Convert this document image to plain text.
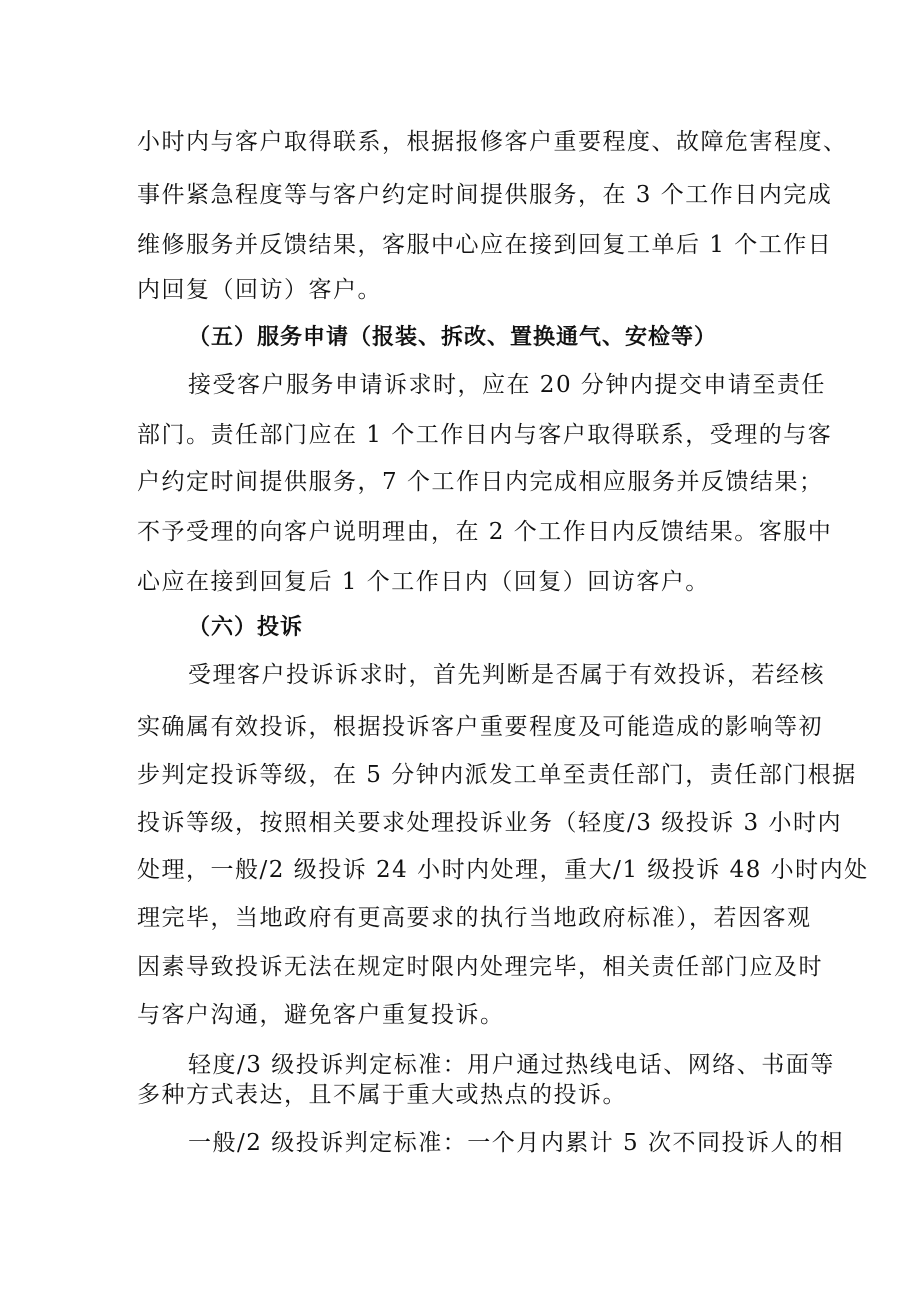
小时内与客户取得联系，根据报修客户重要程度、故障危害程度、
事件紧急程度等与客户约定时间提供服务，在 3 个工作日内完成
维修服务并反馈结果，客服中心应在接到回复工单后 1 个工作日
内回复（回访）客户。
（五）服务申请（报装、拆改、置换通气、安检等）
接受客户服务申请诉求时，应在 20 分钟内提交申请至责任
部门。责任部门应在 1 个工作日内与客户取得联系，受理的与客
户约定时间提供服务，7 个工作日内完成相应服务并反馈结果；
不予受理的向客户说明理由，在 2 个工作日内反馈结果。客服中
心应在接到回复后 1 个工作日内（回复）回访客户。
（六）投诉
受理客户投诉诉求时，首先判断是否属于有效投诉，若经核
实确属有效投诉，根据投诉客户重要程度及可能造成的影响等初
步判定投诉等级，在 5 分钟内派发工单至责任部门，责任部门根据
投诉等级，按照相关要求处理投诉业务（轻度/3 级投诉 3 小时内
处理，一般/2 级投诉 24 小时内处理，重大/1 级投诉 48 小时内处
理完毕，当地政府有更高要求的执行当地政府标准），若因客观
因素导致投诉无法在规定时限内处理完毕，相关责任部门应及时
与客户沟通，避免客户重复投诉。
轻度/3 级投诉判定标准：用户通过热线电话、网络、书面等
多种方式表达，且不属于重大或热点的投诉。
一般/2 级投诉判定标准：一个月内累计 5 次不同投诉人的相
